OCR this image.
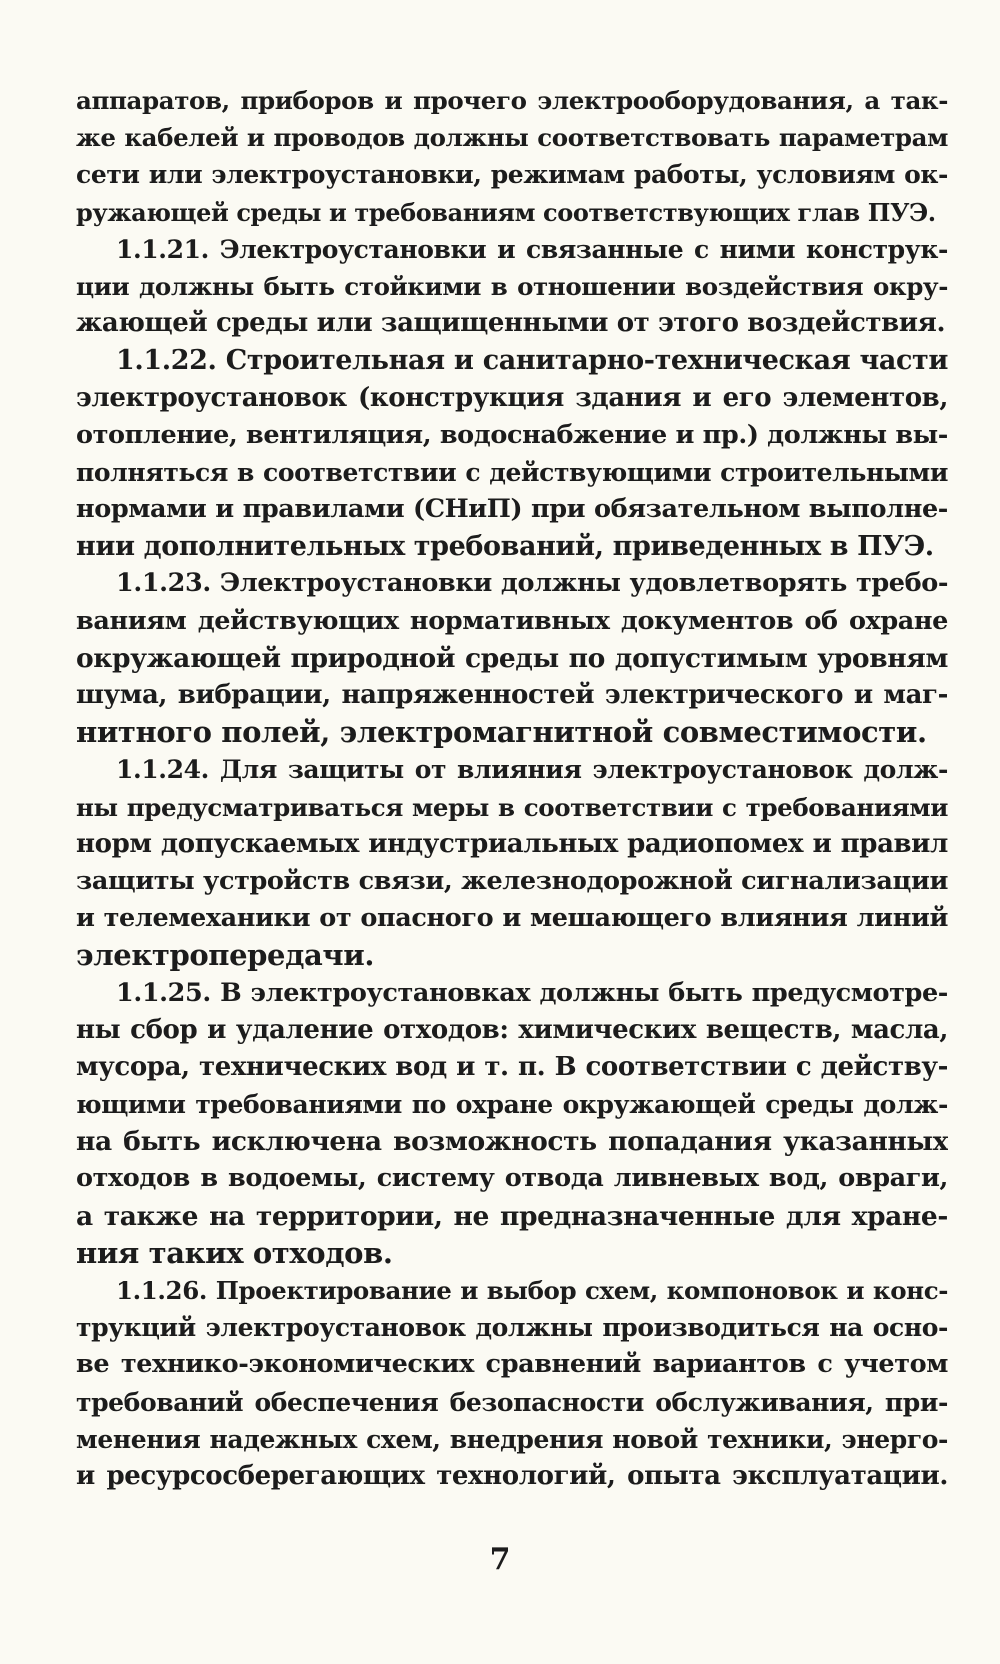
аппаратов, приборов и прочего электрооборудования, а так-
же кабелей и проводов должны соответствовать параметрам
сети или электроустановки, режимам работы, условиям ок-
ружающей среды и требованиям соответствующих глав ПУЭ.
1.1.21. Электроустановки и связанные с ними конструк-
ции должны быть стойкими в отношении воздействия окру-
жающей среды или защищенными от этого воздействия.
1.1.22. Строительная и санитарно-техническая части
электроустановок (конструкция здания и его элементов,
отопление, вентиляция, водоснабжение и пр.) должны вы-
полняться в соответствии с действующими строительными
нормами и правилами (СНиП) при обязательном выполне-
нии дополнительных требований, приведенных в ПУЭ.
1.1.23. Электроустановки должны удовлетворять требо-
ваниям действующих нормативных документов об охране
окружающей природной среды по допустимым уровням
шума, вибрации, напряженностей электрического и маг-
нитного полей, электромагнитной совместимости.
1.1.24. Для защиты от влияния электроустановок долж-
ны предусматриваться меры в соответствии с требованиями
норм допускаемых индустриальных радиопомех и правил
защиты устройств связи, железнодорожной сигнализации
и телемеханики от опасного и мешающего влияния линий
электропередачи.
1.1.25. В электроустановках должны быть предусмотре-
ны сбор и удаление отходов: химических веществ, масла,
мусора, технических вод и т. п. В соответствии с действу-
ющими требованиями по охране окружающей среды долж-
на быть исключена возможность попадания указанных
отходов в водоемы, систему отвода ливневых вод, овраги,
а также на территории, не предназначенные для хране-
ния таких отходов.
1.1.26. Проектирование и выбор схем, компоновок и конс-
трукций электроустановок должны производиться на осно-
ве технико-экономических сравнений вариантов с учетом
требований обеспечения безопасности обслуживания, при-
менения надежных схем, внедрения новой техники, энерго-
и ресурсосберегающих технологий, опыта эксплуатации.
7
